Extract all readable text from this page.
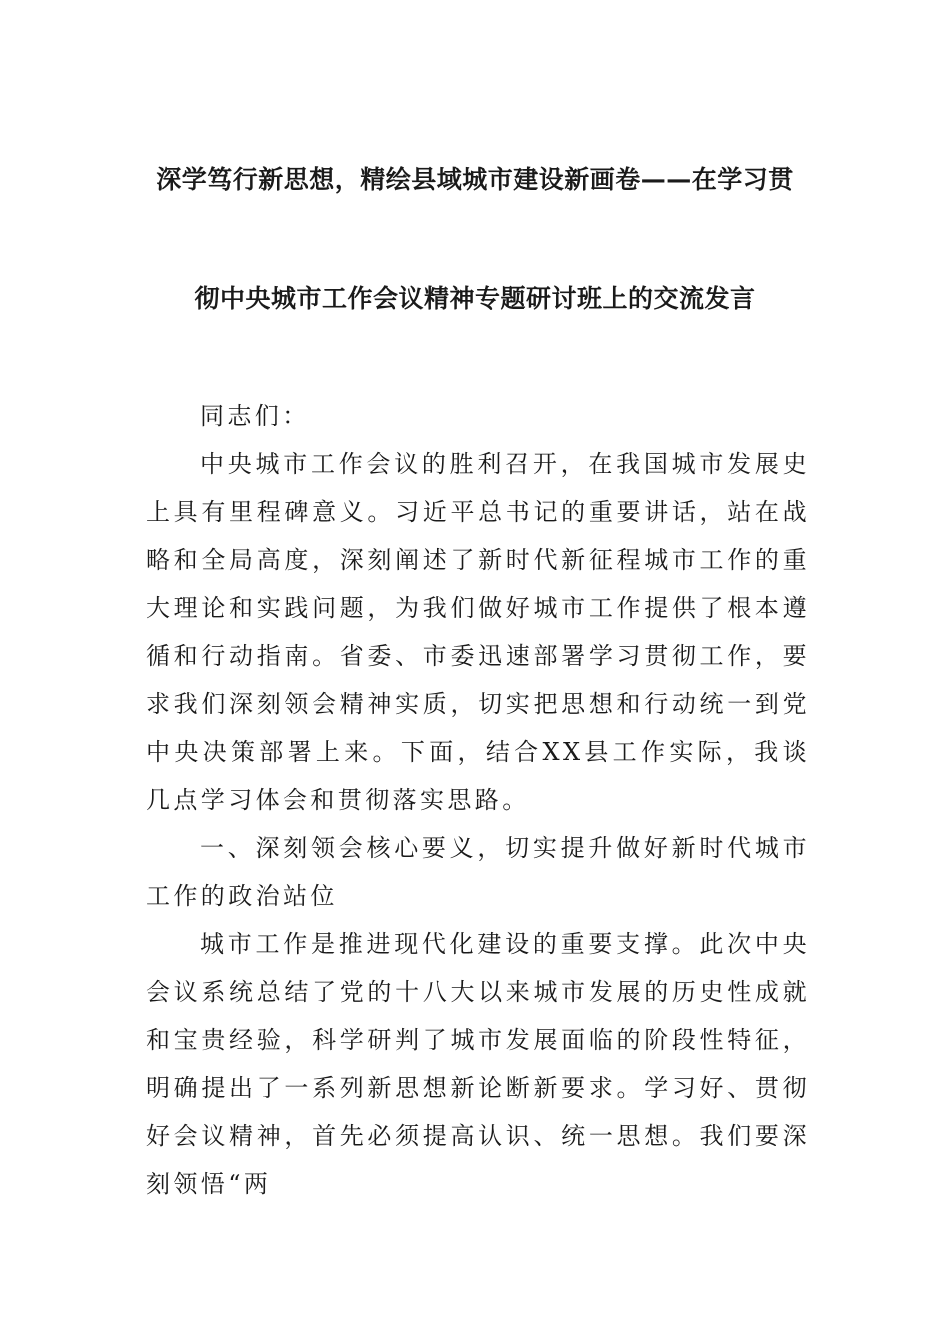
深学笃行新思想，精绘县域城市建设新画卷——在学习贯
彻中央城市工作会议精神专题研讨班上的交流发言

同志们：

中央城市工作会议的胜利召开，在我国城市发展史上具有里程碑意义。习近平总书记的重要讲话，站在战略和全局高度，深刻阐述了新时代新征程城市工作的重大理论和实践问题，为我们做好城市工作提供了根本遵循和行动指南。省委、市委迅速部署学习贯彻工作，要求我们深刻领会精神实质，切实把思想和行动统一到党中央决策部署上来。下面，结合XX县工作实际，我谈几点学习体会和贯彻落实思路。

一、深刻领会核心要义，切实提升做好新时代城市工作的政治站位

城市工作是推进现代化建设的重要支撑。此次中央会议系统总结了党的十八大以来城市发展的历史性成就和宝贵经验，科学研判了城市发展面临的阶段性特征，明确提出了一系列新思想新论断新要求。学习好、贯彻好会议精神，首先必须提高认识、统一思想。我们要深刻领悟“两
